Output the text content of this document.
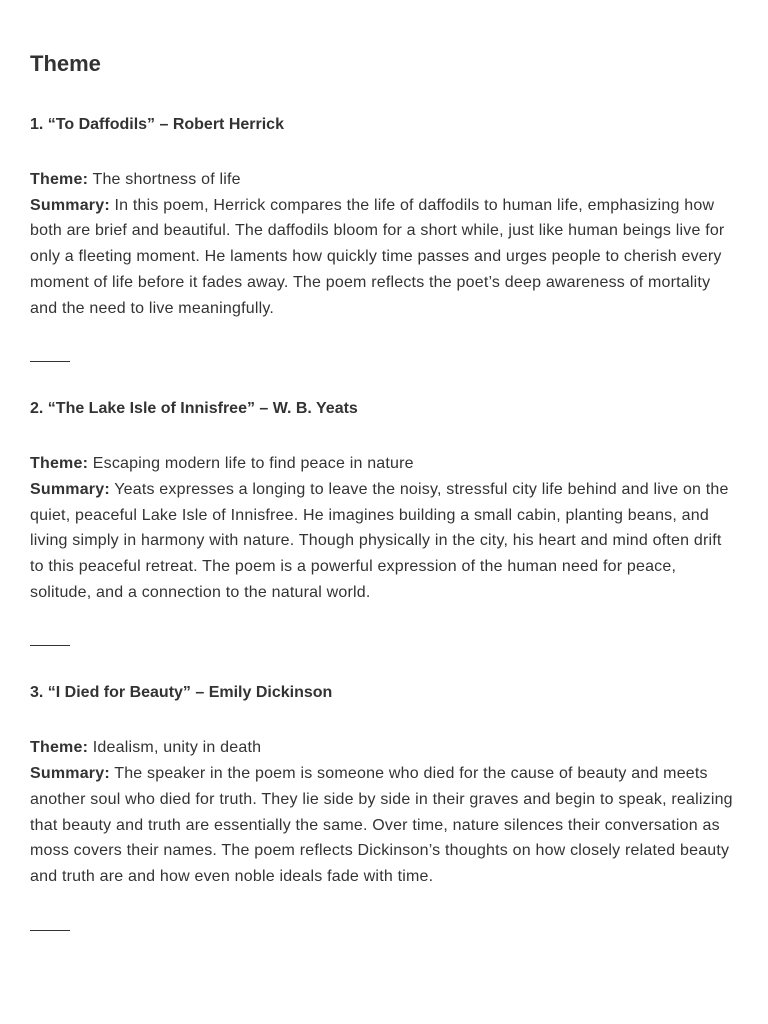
Theme
1. “To Daffodils” – Robert Herrick

Theme: The shortness of life

Summary: In this poem, Herrick compares the life of daffodils to human life, emphasizing how both are brief and beautiful. The daffodils bloom for a short while, just like human beings live for only a fleeting moment. He laments how quickly time passes and urges people to cherish every moment of life before it fades away. The poem reflects the poet’s deep awareness of mortality and the need to live meaningfully.

2. “The Lake Isle of Innisfree” – W. B. Yeats

Theme: Escaping modern life to find peace in nature

Summary: Yeats expresses a longing to leave the noisy, stressful city life behind and live on the quiet, peaceful Lake Isle of Innisfree. He imagines building a small cabin, planting beans, and living simply in harmony with nature. Though physically in the city, his heart and mind often drift to this peaceful retreat. The poem is a powerful expression of the human need for peace, solitude, and a connection to the natural world.

3. “I Died for Beauty” – Emily Dickinson

Theme: Idealism, unity in death

Summary: The speaker in the poem is someone who died for the cause of beauty and meets another soul who died for truth. They lie side by side in their graves and begin to speak, realizing that beauty and truth are essentially the same. Over time, nature silences their conversation as moss covers their names. The poem reflects Dickinson’s thoughts on how closely related beauty and truth are and how even noble ideals fade with time.
